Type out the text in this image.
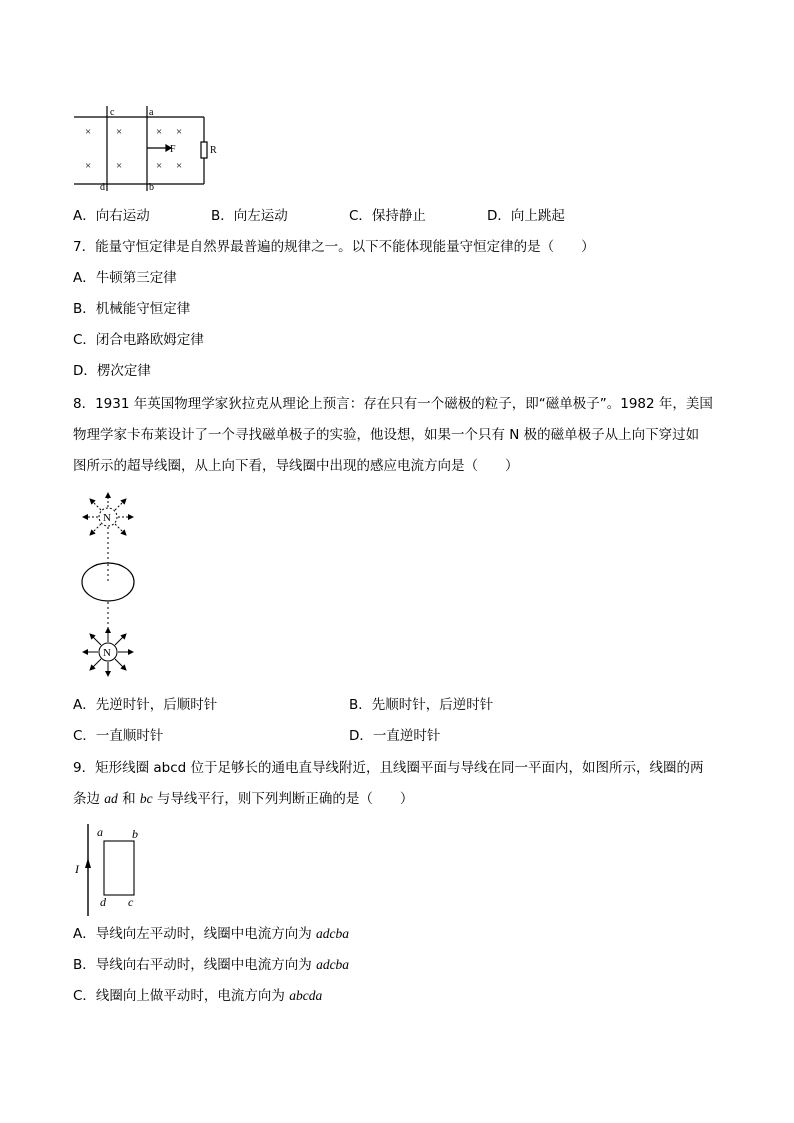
× ×	× ×
× ×	× ×
c	a
d	b
F	R
A．向右运动	B．向左运动	C．保持静止	D．向上跳起
7．能量守恒定律是自然界最普遍的规律之一。以下不能体现能量守恒定律的是（　　）
A．牛顿第三定律
B．机械能守恒定律
C．闭合电路欧姆定律
D．楞次定律
8．1931 年英国物理学家狄拉克从理论上预言：存在只有一个磁极的粒子，即“磁单极子”。1982 年，美国
物理学家卡布莱设计了一个寻找磁单极子的实验，他设想，如果一个只有 N 极的磁单极子从上向下穿过如
图所示的超导线圈，从上向下看，导线圈中出现的感应电流方向是（　　）
N
N
A．先逆时针，后顺时针	B．先顺时针，后逆时针
C．一直顺时针	D．一直逆时针
9．矩形线圈 abcd 位于足够长的通电直导线附近，且线圈平面与导线在同一平面内，如图所示，线圈的两
条边 ad 和 bc 与导线平行，则下列判断正确的是（　　）
I
a b
d c
A．导线向左平动时，线圈中电流方向为 adcba
B．导线向右平动时，线圈中电流方向为 adcba
C．线圈向上做平动时，电流方向为 abcda
